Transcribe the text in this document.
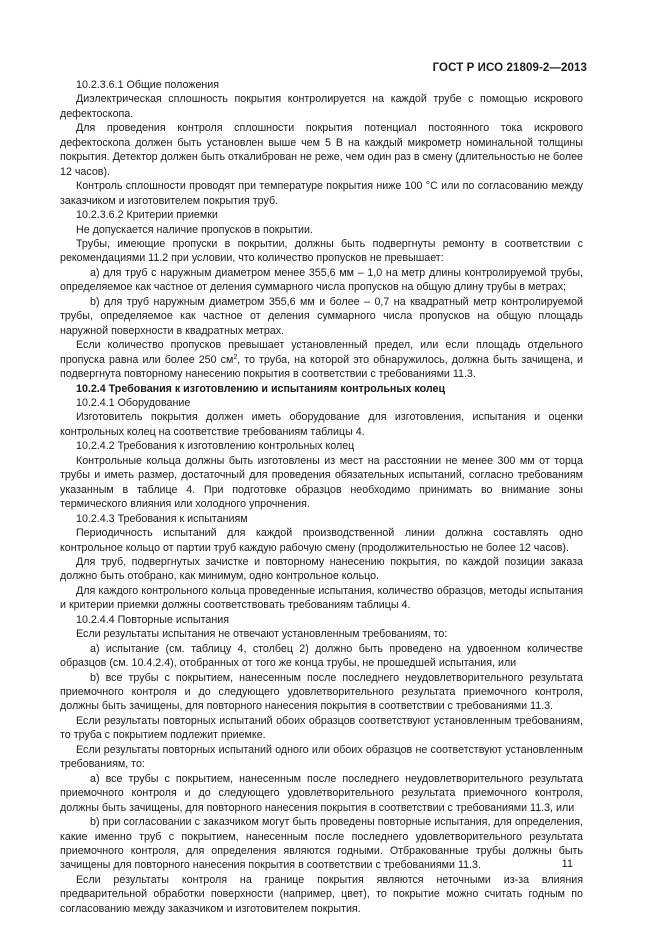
ГОСТ Р ИСО 21809-2—2013

10.2.3.6.1 Общие положения

Диэлектрическая сплошность покрытия контролируется на каждой трубе с помощью искрового дефектоскопа.

Для проведения контроля сплошности покрытия потенциал постоянного тока искрового дефектоскопа должен быть установлен выше чем 5 В на каждый микрометр номинальной толщины покрытия. Детектор должен быть откалиброван не реже, чем один раз в смену (длительностью не более 12 часов).

Контроль сплошности проводят при температуре покрытия ниже 100 °С или по согласованию между заказчиком и изготовителем покрытия труб.

10.2.3.6.2 Критерии приемки

Не допускается наличие пропусков в покрытии.

Трубы, имеющие пропуски в покрытии, должны быть подвергнуты ремонту в соответствии с рекомендациями 11.2 при условии, что количество пропусков не превышает:

а) для труб с наружным диаметром менее 355,6 мм – 1,0 на метр длины контролируемой трубы, определяемое как частное от деления суммарного числа пропусков на общую длину трубы в метрах;

b) для труб наружным диаметром 355,6 мм и более – 0,7 на квадратный метр контролируемой трубы, определяемое как частное от деления суммарного числа пропусков на общую площадь наружной поверхности в квадратных метрах.

Если количество пропусков превышает установленный предел, или если площадь отдельного пропуска равна или более 250 $см^2$, то труба, на которой это обнаружилось, должна быть зачищена, и подвергнута повторному нанесению покрытия в соответствии с требованиями 11.3.

10.2.4 Требования к изготовлению и испытаниям контрольных колец

10.2.4.1 Оборудование

Изготовитель покрытия должен иметь оборудование для изготовления, испытания и оценки контрольных колец на соответствие требованиям таблицы 4.

10.2.4.2 Требования к изготовлению контрольных колец

Контрольные кольца должны быть изготовлены из мест на расстоянии не менее 300 мм от торца трубы и иметь размер, достаточный для проведения обязательных испытаний, согласно требованиям указанным в таблице 4. При подготовке образцов необходимо принимать во внимание зоны термического влияния или холодного упрочнения.

10.2.4.3 Требования к испытаниям

Периодичность испытаний для каждой производственной линии должна составлять одно контрольное кольцо от партии труб каждую рабочую смену (продолжительностью не более 12 часов).

Для труб, подвергнутых зачистке и повторному нанесению покрытия, по каждой позиции заказа должно быть отобрано, как минимум, одно контрольное кольцо.

Для каждого контрольного кольца проведенные испытания, количество образцов, методы испытания и критерии приемки должны соответствовать требованиям таблицы 4.

10.2.4.4 Повторные испытания

Если результаты испытания не отвечают установленным требованиям, то:

а) испытание (см. таблицу 4, столбец 2) должно быть проведено на удвоенном количестве образцов (см. 10.4.2.4), отобранных от того же конца трубы, не прошедшей испытания, или

b) все трубы с покрытием, нанесенным после последнего неудовлетворительного результата приемочного контроля и до следующего удовлетворительного результата приемочного контроля, должны быть зачищены, для повторного нанесения покрытия в соответствии с требованиями 11.3.

Если результаты повторных испытаний обоих образцов соответствуют установленным требованиям, то труба с покрытием подлежит приемке.

Если результаты повторных испытаний одного или обоих образцов не соответствуют установленным требованиям, то:

а) все трубы с покрытием, нанесенным после последнего неудовлетворительного результата приемочного контроля и до следующего удовлетворительного результата приемочного контроля, должны быть зачищены, для повторного нанесения покрытия в соответствии с требованиями 11.3, или

b) при согласовании с заказчиком могут быть проведены повторные испытания, для определения, какие именно труб с покрытием, нанесенным после последнего удовлетворительного результата приемочного контроля, для определения являются годными. Отбракованные трубы должны быть зачищены для повторного нанесения покрытия в соответствии с требованиями 11.3.

Если результаты контроля на границе покрытия являются неточными из-за влияния предварительной обработки поверхности (например, цвет), то покрытие можно считать годным по согласованию между заказчиком и изготовителем покрытия.

11
